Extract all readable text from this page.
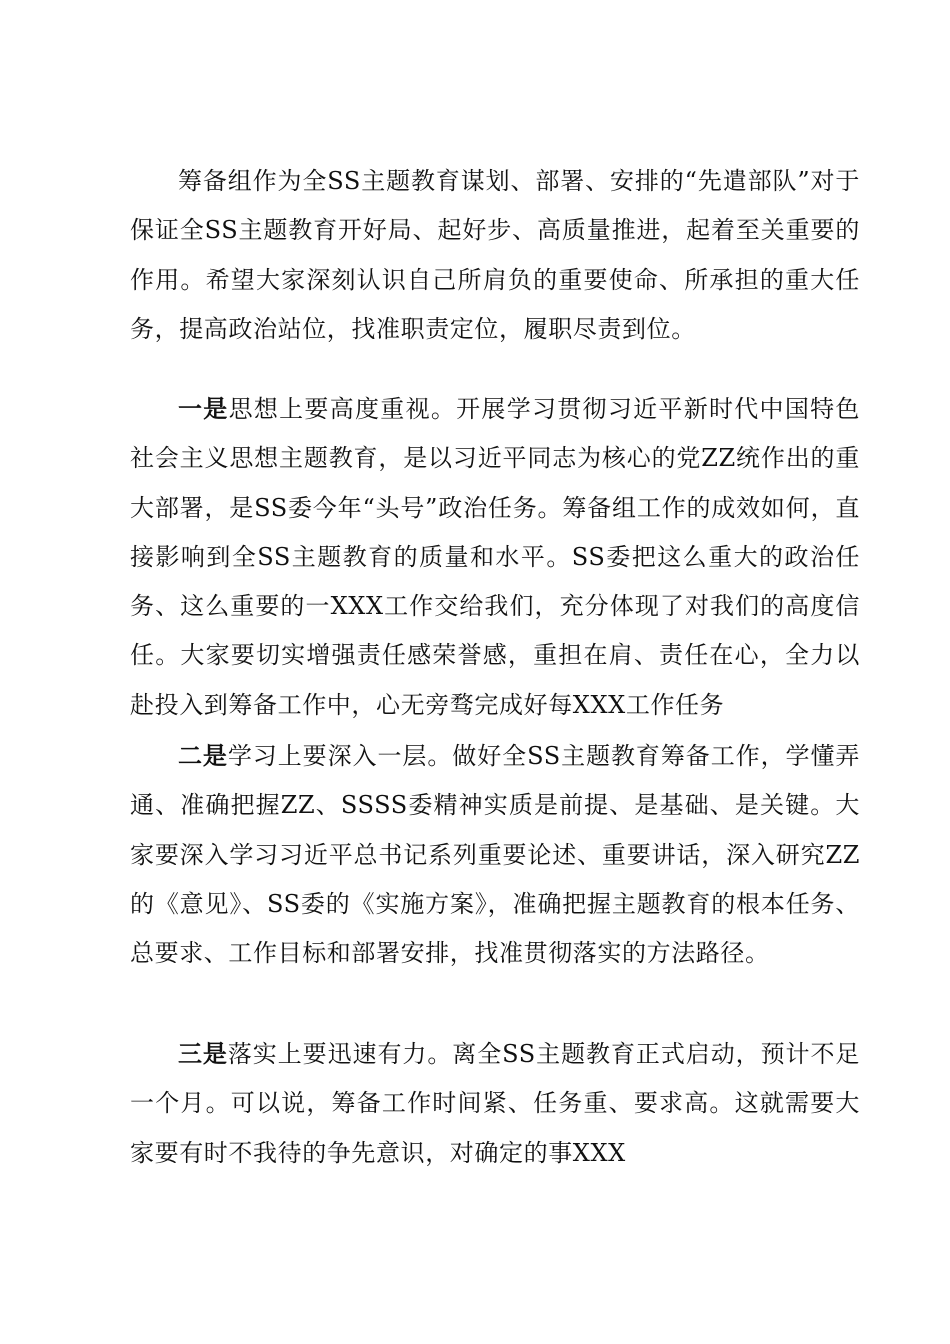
筹备组作为全SS主题教育谋划、部署、安排的“先遣部队”对于保证全SS主题教育开好局、起好步、高质量推进，起着至关重要的作用。希望大家深刻认识自己所肩负的重要使命、所承担的重大任务，提高政治站位，找准职责定位，履职尽责到位。

一是思想上要高度重视。开展学习贯彻习近平新时代中国特色社会主义思想主题教育，是以习近平同志为核心的党ZZ统作出的重大部署，是SS委今年“头号”政治任务。筹备组工作的成效如何，直接影响到全SS主题教育的质量和水平。SS委把这么重大的政治任务、这么重要的一XXX工作交给我们，充分体现了对我们的高度信任。大家要切实增强责任感荣誉感，重担在肩、责任在心，全力以赴投入到筹备工作中，心无旁骛完成好每XXX工作任务

二是学习上要深入一层。做好全SS主题教育筹备工作，学懂弄通、准确把握ZZ、SSSS委精神实质是前提、是基础、是关键。大家要深入学习习近平总书记系列重要论述、重要讲话，深入研究ZZ的《意见》、SS委的《实施方案》，准确把握主题教育的根本任务、总要求、工作目标和部署安排，找准贯彻落实的方法路径。

三是落实上要迅速有力。离全SS主题教育正式启动，预计不足一个月。可以说，筹备工作时间紧、任务重、要求高。这就需要大家要有时不我待的争先意识，对确定的事XXX
